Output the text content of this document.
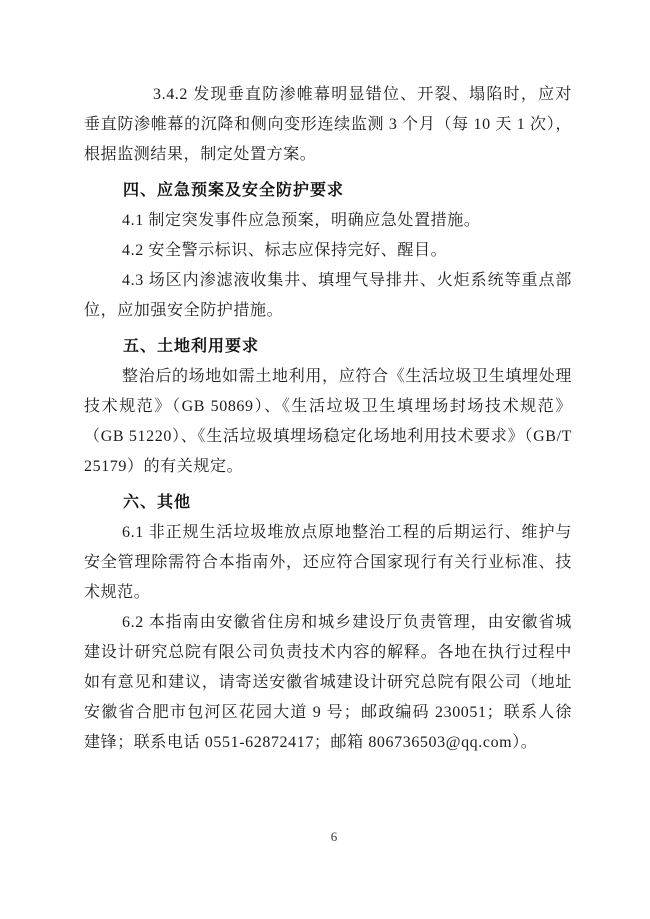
3.4.2 发现垂直防渗帷幕明显错位、开裂、塌陷时，应对垂直防渗帷幕的沉降和侧向变形连续监测 3 个月（每 10 天 1 次），根据监测结果，制定处置方案。

四、应急预案及安全防护要求

4.1 制定突发事件应急预案，明确应急处置措施。

4.2 安全警示标识、标志应保持完好、醒目。

4.3 场区内渗滤液收集井、填埋气导排井、火炬系统等重点部位，应加强安全防护措施。

五、土地利用要求

整治后的场地如需土地利用，应符合《生活垃圾卫生填埋处理技术规范》（GB 50869）、《生活垃圾卫生填埋场封场技术规范》（GB 51220）、《生活垃圾填埋场稳定化场地利用技术要求》（GB/T 25179）的有关规定。

六、其他

6.1 非正规生活垃圾堆放点原地整治工程的后期运行、维护与安全管理除需符合本指南外，还应符合国家现行有关行业标准、技术规范。

6.2 本指南由安徽省住房和城乡建设厅负责管理，由安徽省城建设计研究总院有限公司负责技术内容的解释。各地在执行过程中如有意见和建议，请寄送安徽省城建设计研究总院有限公司（地址安徽省合肥市包河区花园大道 9 号；邮政编码 230051；联系人徐建锋；联系电话 0551-62872417；邮箱 806736503@qq.com）。

6
